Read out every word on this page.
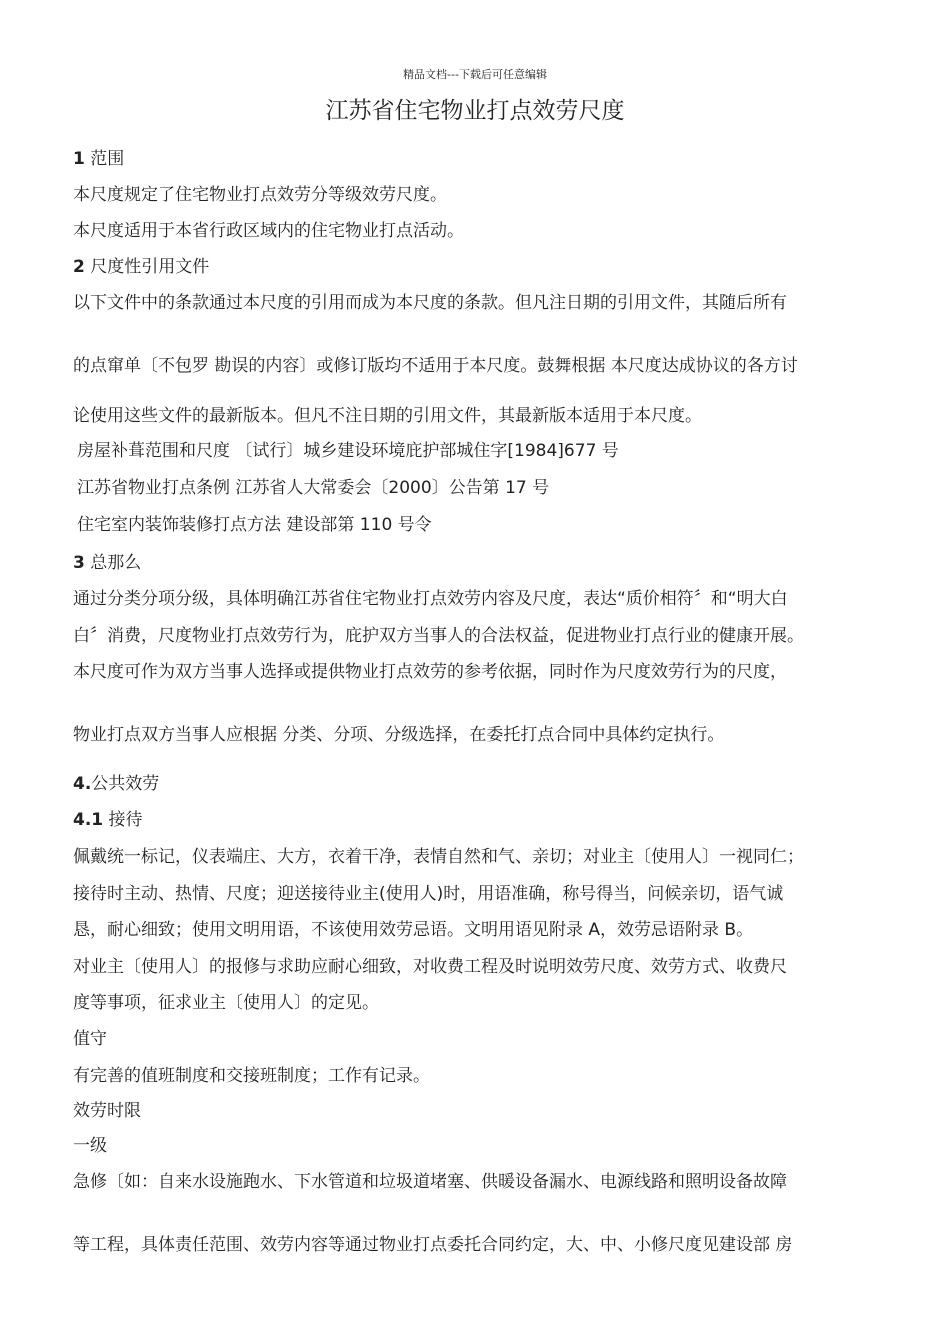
精品文档---下载后可任意编辑
江苏省住宅物业打点效劳尺度
1 范围
本尺度规定了住宅物业打点效劳分等级效劳尺度。
本尺度适用于本省行政区域内的住宅物业打点活动。
2 尺度性引用文件
以下文件中的条款通过本尺度的引用而成为本尺度的条款。但凡注日期的引用文件，其随后所有
的点窜单〔不包罗 勘误的内容〕或修订版均不适用于本尺度。鼓舞根据 本尺度达成协议的各方讨
论使用这些文件的最新版本。但凡不注日期的引用文件，其最新版本适用于本尺度。
房屋补葺范围和尺度 〔试行〕城乡建设环境庇护部城住字[1984]677 号
江苏省物业打点条例 江苏省人大常委会〔2000〕公告第 17 号
住宅室内装饰装修打点方法 建设部第 110 号令
3 总那么
通过分类分项分级，具体明确江苏省住宅物业打点效劳内容及尺度，表达“质价相符〞和“明大白
白〞消费，尺度物业打点效劳行为，庇护双方当事人的合法权益，促进物业打点行业的健康开展。
本尺度可作为双方当事人选择或提供物业打点效劳的参考依据，同时作为尺度效劳行为的尺度，
物业打点双方当事人应根据 分类、分项、分级选择，在委托打点合同中具体约定执行。
4.公共效劳
4.1 接待
佩戴统一标记，仪表端庄、大方，衣着干净，表情自然和气、亲切；对业主〔使用人〕一视同仁；
接待时主动、热情、尺度；迎送接待业主(使用人)时，用语准确，称号得当，问候亲切，语气诚
恳，耐心细致；使用文明用语，不该使用效劳忌语。文明用语见附录 A，效劳忌语附录 B。
对业主〔使用人〕的报修与求助应耐心细致，对收费工程及时说明效劳尺度、效劳方式、收费尺
度等事项，征求业主〔使用人〕的定见。
值守
有完善的值班制度和交接班制度；工作有记录。
效劳时限
一级
急修〔如：自来水设施跑水、下水管道和垃圾道堵塞、供暖设备漏水、电源线路和照明设备故障
等工程，具体责任范围、效劳内容等通过物业打点委托合同约定，大、中、小修尺度见建设部 房
